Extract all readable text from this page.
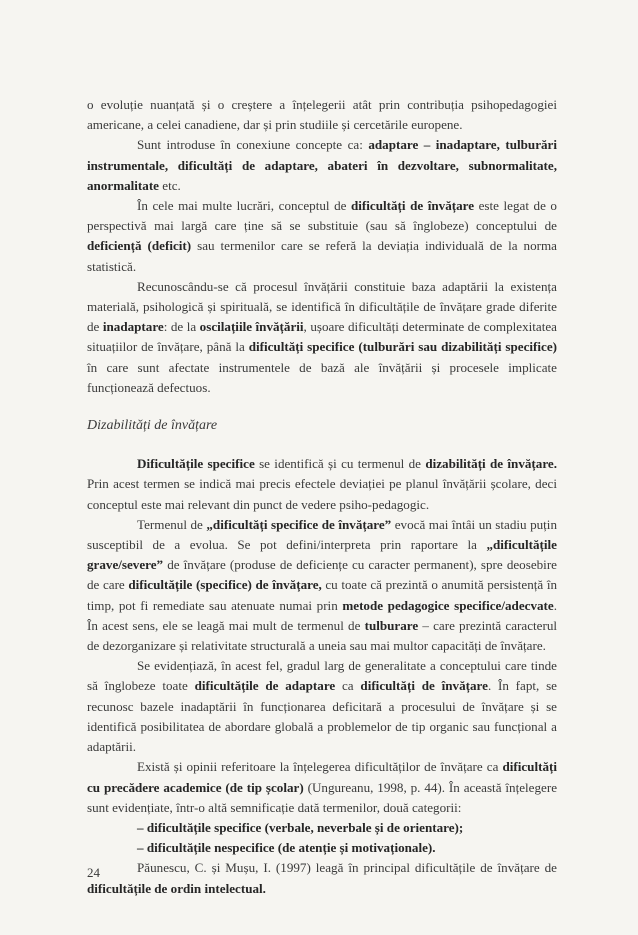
o evoluție nuanțată și o creștere a înțelegerii atât prin contribuția psihopedagogiei americane, a celei canadiene, dar și prin studiile și cercetările europene.

Sunt introduse în conexiune concepte ca: adaptare – inadaptare, tulburări instrumentale, dificultăți de adaptare, abateri în dezvoltare, subnormalitate, anormalitate etc.

În cele mai multe lucrări, conceptul de dificultăți de învățare este legat de o perspectivă mai largă care ține să se substituie (sau să înglobeze) conceptului de deficiență (deficit) sau termenilor care se referă la deviația individuală de la norma statistică.

Recunoscându-se că procesul învățării constituie baza adaptării la existența materială, psihologică și spirituală, se identifică în dificultățile de învățare grade diferite de inadaptare: de la oscilațiile învățării, ușoare dificultăți determinate de complexitatea situațiilor de învățare, până la dificultăți specifice (tulburări sau dizabilități specifice) în care sunt afectate instrumentele de bază ale învățării și procesele implicate funcționează defectuos.

Dizabilități de învățare

Dificultățile specifice se identifică și cu termenul de dizabilități de învățare. Prin acest termen se indică mai precis efectele deviației pe planul învățării școlare, deci conceptul este mai relevant din punct de vedere psiho-pedagogic.

Termenul de „dificultăți specifice de învățare” evocă mai întâi un stadiu puțin susceptibil de a evolua. Se pot defini/interpreta prin raportare la „dificultățile grave/severe” de învățare (produse de deficiențe cu caracter permanent), spre deosebire de care dificultățile (specifice) de învățare, cu toate că prezintă o anumită persistență în timp, pot fi remediate sau atenuate numai prin metode pedagogice specifice/adecvate. În acest sens, ele se leagă mai mult de termenul de tulburare – care prezintă caracterul de dezorganizare și relativitate structurală a uneia sau mai multor capacități de învățare.

Se evidențiază, în acest fel, gradul larg de generalitate a conceptului care tinde să înglobeze toate dificultățile de adaptare ca dificultăți de învățare. În fapt, se recunosc bazele inadaptării în funcționarea deficitară a procesului de învățare și se identifică posibilitatea de abordare globală a problemelor de tip organic sau funcțional a adaptării.

Există și opinii referitoare la înțelegerea dificultăților de învățare ca dificultăți cu precădere academice (de tip școlar) (Ungureanu, 1998, p. 44). În această înțelegere sunt evidențiate, într-o altă semnificație dată termenilor, două categorii:

– dificultățile specifice (verbale, neverbale și de orientare);

– dificultățile nespecifice (de atenție și motivaționale).

Păunescu, C. și Mușu, I. (1997) leagă în principal dificultățile de învățare de dificultățile de ordin intelectual.

24
